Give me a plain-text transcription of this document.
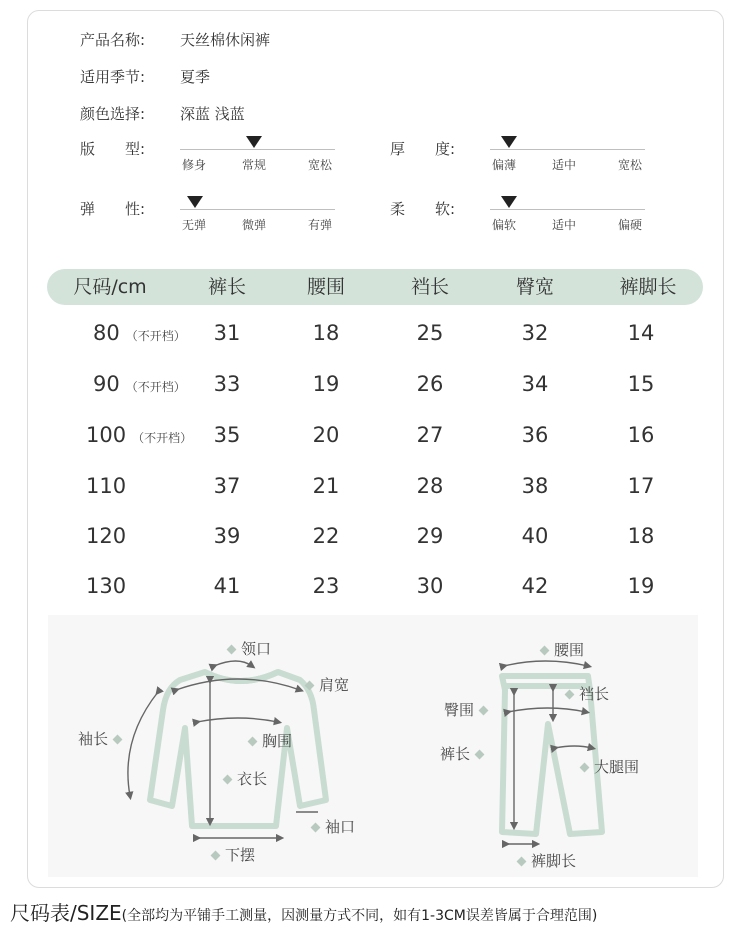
产品名称: 天丝棉休闲裤
适用季节: 夏季
颜色选择: 深蓝 浅蓝
版　　型:
修身	常规	宽松
厚　　度:
偏薄	适中	宽松
弹　　性:
无弹	微弹	有弹
柔　　软:
偏软	适中	偏硬
尺码/cm	裤长	腰围	裆长	臀宽	裤脚长
80 （不开档） 31	18	25	32	14
90 （不开档） 33	19	26	34	15
100 （不开档） 35	20	27	36	16
110	37	21	28	38	17
120	39	22	29	40	18
130	41	23	30	42	19
领口
肩宽
袖长	胸围
衣长
袖口
下摆
腰围
裆长
臀围
裤长
大腿围
裤脚长
尺码表/SIZE(全部均为平铺手工测量，因测量方式不同，如有1-3CM误差皆属于合理范围)
